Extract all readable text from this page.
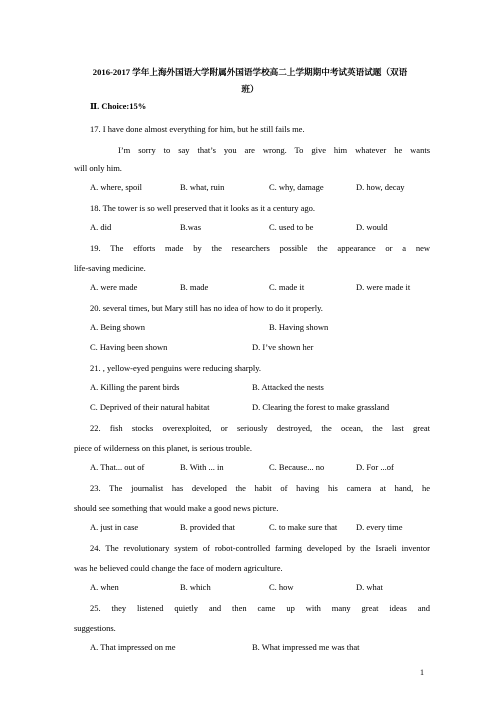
2016-2017 学年上海外国语大学附属外国语学校高二上学期期中考试英语试题（双语
班）
Ⅱ. Choice:15%
17. I have done almost everything for him, but he still fails me.
I’m sorry to say that’s you are wrong. To give him whatever he wants
will only him.
A. where, spoil	B. what, ruin	C. why, damage	D. how, decay
18. The tower is so well preserved that it looks as it a century ago.
A. did	B.was	C. used to be	D. would
19. The efforts made by the researchers possible the appearance or a new
life-saving medicine.
A. were made	B. made	C. made it	D. were made it
20. several times, but Mary still has no idea of how to do it properly.
A. Being shown	B. Having shown
C. Having been shown	D. I’ve shown her
21. , yellow-eyed penguins were reducing sharply.
A. Killing the parent birds	B. Attacked the nests
C. Deprived of their natural habitat	D. Clearing the forest to make grassland
22. fish stocks overexploited, or seriously destroyed, the ocean, the last great
piece of wilderness on this planet, is serious trouble.
A. That... out of	B. With ... in	C. Because... no	D. For ...of
23. The journalist has developed the habit of having his camera at hand, he
should see something that would make a good news picture.
A. just in case	B. provided that	C. to make sure that D. every time
24. The revolutionary system of robot-controlled farming developed by the Israeli inventor
was he believed could change the face of modern agriculture.
A. when	B. which	C. how	D. what
25. they listened quietly and then came up with many great ideas and
suggestions.
A. That impressed on me	B. What impressed me was that
1
